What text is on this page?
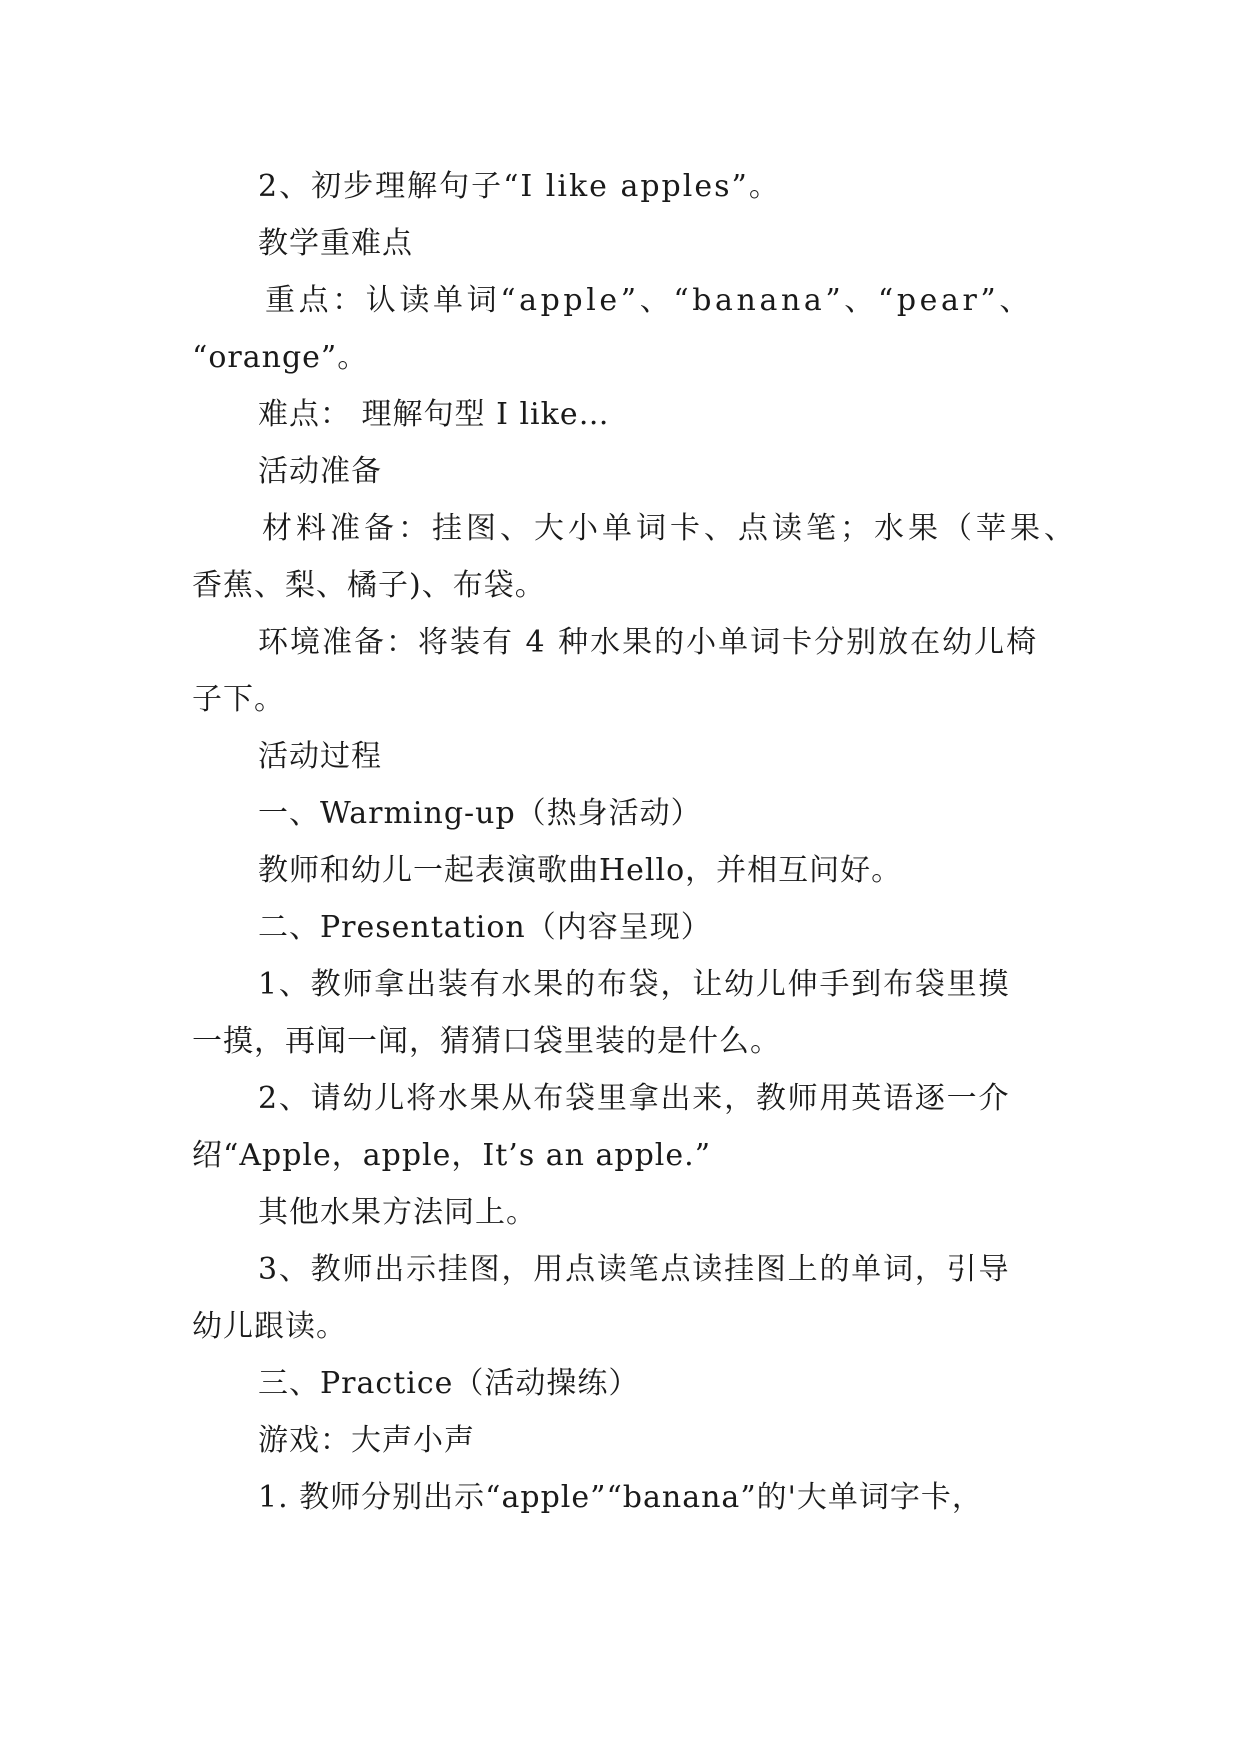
2、初步理解句子“I like apples”。
教学重难点
重点：认读单词“apple”、“banana”、“pear”、
“orange”。
难点： 理解句型 I like…
活动准备
材料准备：挂图、大小单词卡、点读笔；水果（苹果、
香蕉、梨、橘子)、布袋。
环境准备：将装有 4 种水果的小单词卡分别放在幼儿椅
子下。
活动过程
一、Warming-up（热身活动）
教师和幼儿一起表演歌曲Hello，并相互问好。
二、Presentation（内容呈现）
1、教师拿出装有水果的布袋，让幼儿伸手到布袋里摸
一摸，再闻一闻，猜猜口袋里装的是什么。
2、请幼儿将水果从布袋里拿出来，教师用英语逐一介
绍“Apple，apple，It’s an apple.”
其他水果方法同上。
3、教师出示挂图，用点读笔点读挂图上的单词，引导
幼儿跟读。
三、Practice（活动操练）
游戏：大声小声
1. 教师分别出示“apple”“banana”的'大单词字卡，
